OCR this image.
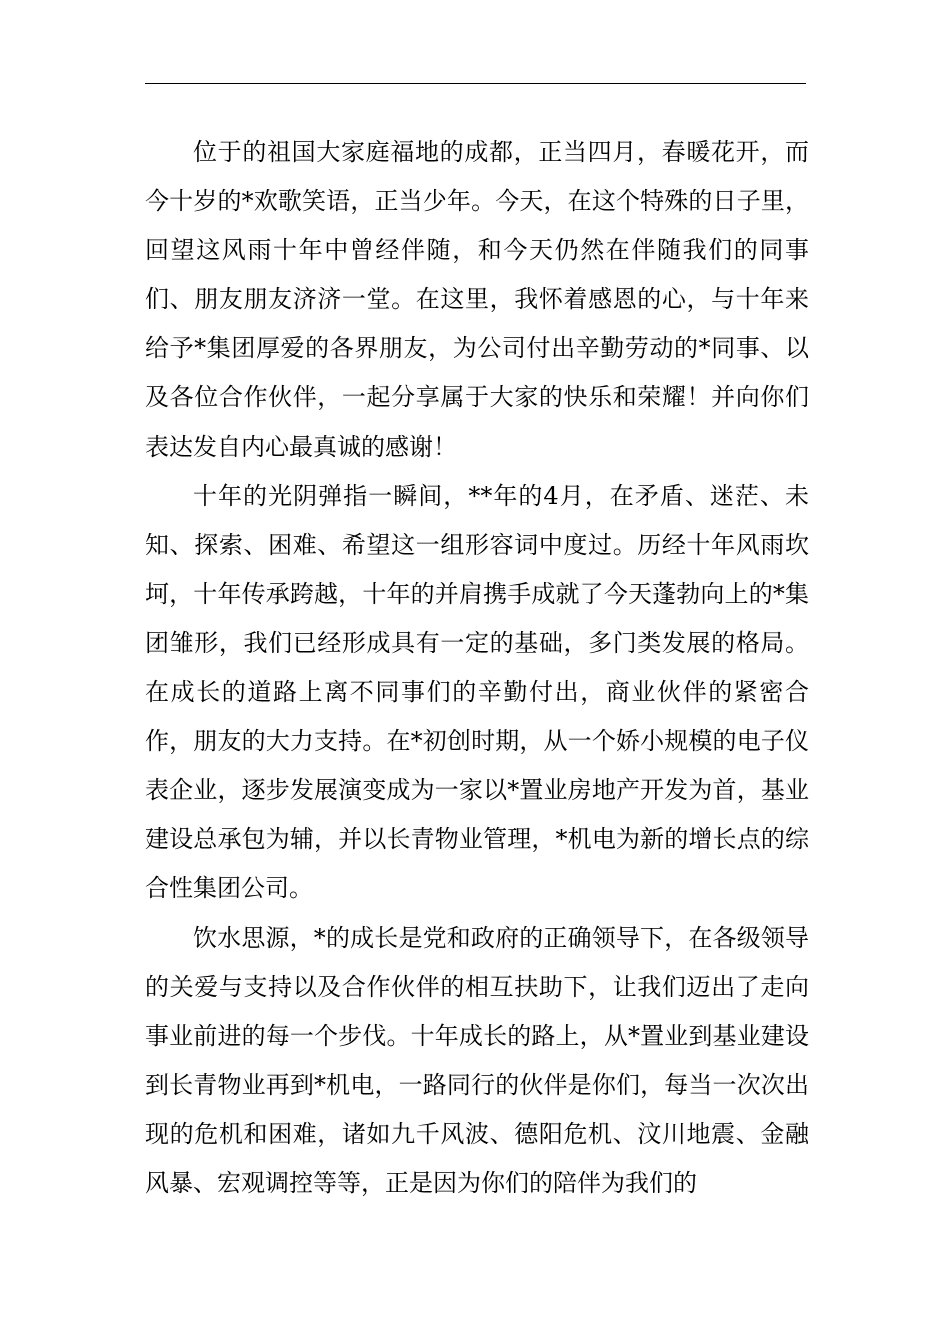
位于的祖国大家庭福地的成都，正当四月，春暖花开，而今十岁的*欢歌笑语，正当少年。今天，在这个特殊的日子里，回望这风雨十年中曾经伴随，和今天仍然在伴随我们的同事们、朋友朋友济济一堂。在这里，我怀着感恩的心，与十年来给予*集团厚爱的各界朋友，为公司付出辛勤劳动的*同事、以及各位合作伙伴，一起分享属于大家的快乐和荣耀！并向你们表达发自内心最真诚的感谢！

十年的光阴弹指一瞬间，**年的4月，在矛盾、迷茫、未知、探索、困难、希望这一组形容词中度过。历经十年风雨坎坷，十年传承跨越，十年的并肩携手成就了今天蓬勃向上的*集团雏形，我们已经形成具有一定的基础，多门类发展的格局。在成长的道路上离不同事们的辛勤付出，商业伙伴的紧密合作，朋友的大力支持。在*初创时期，从一个娇小规模的电子仪表企业，逐步发展演变成为一家以*置业房地产开发为首，基业建设总承包为辅，并以长青物业管理，*机电为新的增长点的综合性集团公司。

饮水思源，*的成长是党和政府的正确领导下，在各级领导的关爱与支持以及合作伙伴的相互扶助下，让我们迈出了走向事业前进的每一个步伐。十年成长的路上，从*置业到基业建设到长青物业再到*机电，一路同行的伙伴是你们，每当一次次出现的危机和困难，诸如九千风波、德阳危机、汶川地震、金融风暴、宏观调控等等，正是因为你们的陪伴为我们的
